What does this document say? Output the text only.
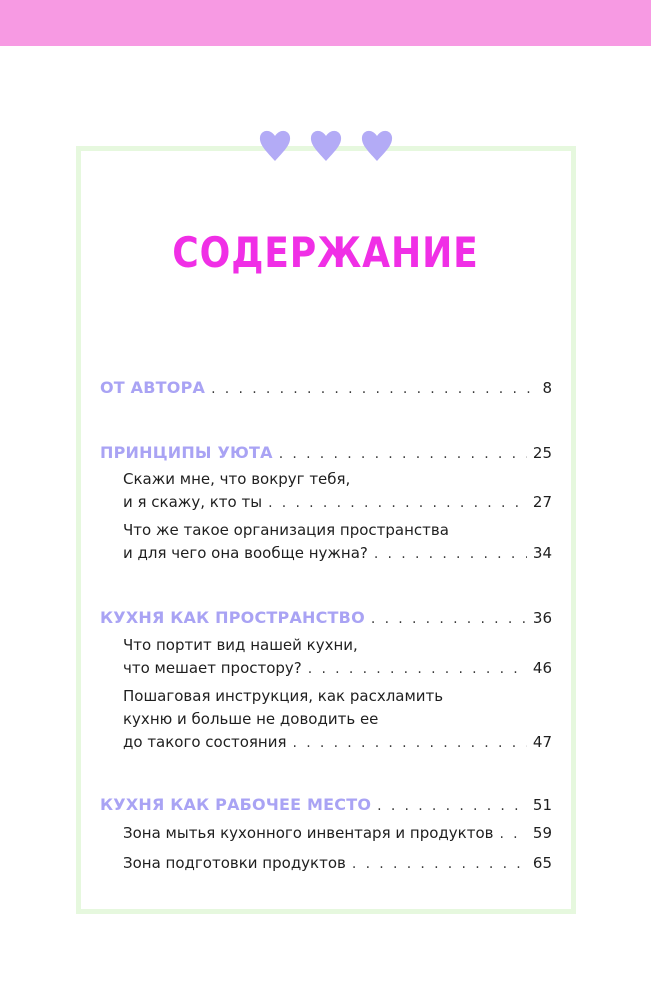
СОДЕРЖАНИЕ
ОТ АВТОРА . . .	8
ПРИНЦИПЫ УЮТА . . .	25
Скажи мне, что вокруг тебя,
и я скажу, кто ты . . .	27
Что же такое организация пространства
и для чего она вообще нужна? . . .	34
КУХНЯ КАК ПРОСТРАНСТВО . . .	36
Что портит вид нашей кухни,
что мешает простору? . . .	46
Пошаговая инструкция, как расхламить
кухню и больше не доводить ее
до такого состояния . . .	47
КУХНЯ КАК РАБОЧЕЕ МЕСТО . . .	51
Зона мытья кухонного инвентаря и продуктов . . .	59
Зона подготовки продуктов . . .	65
